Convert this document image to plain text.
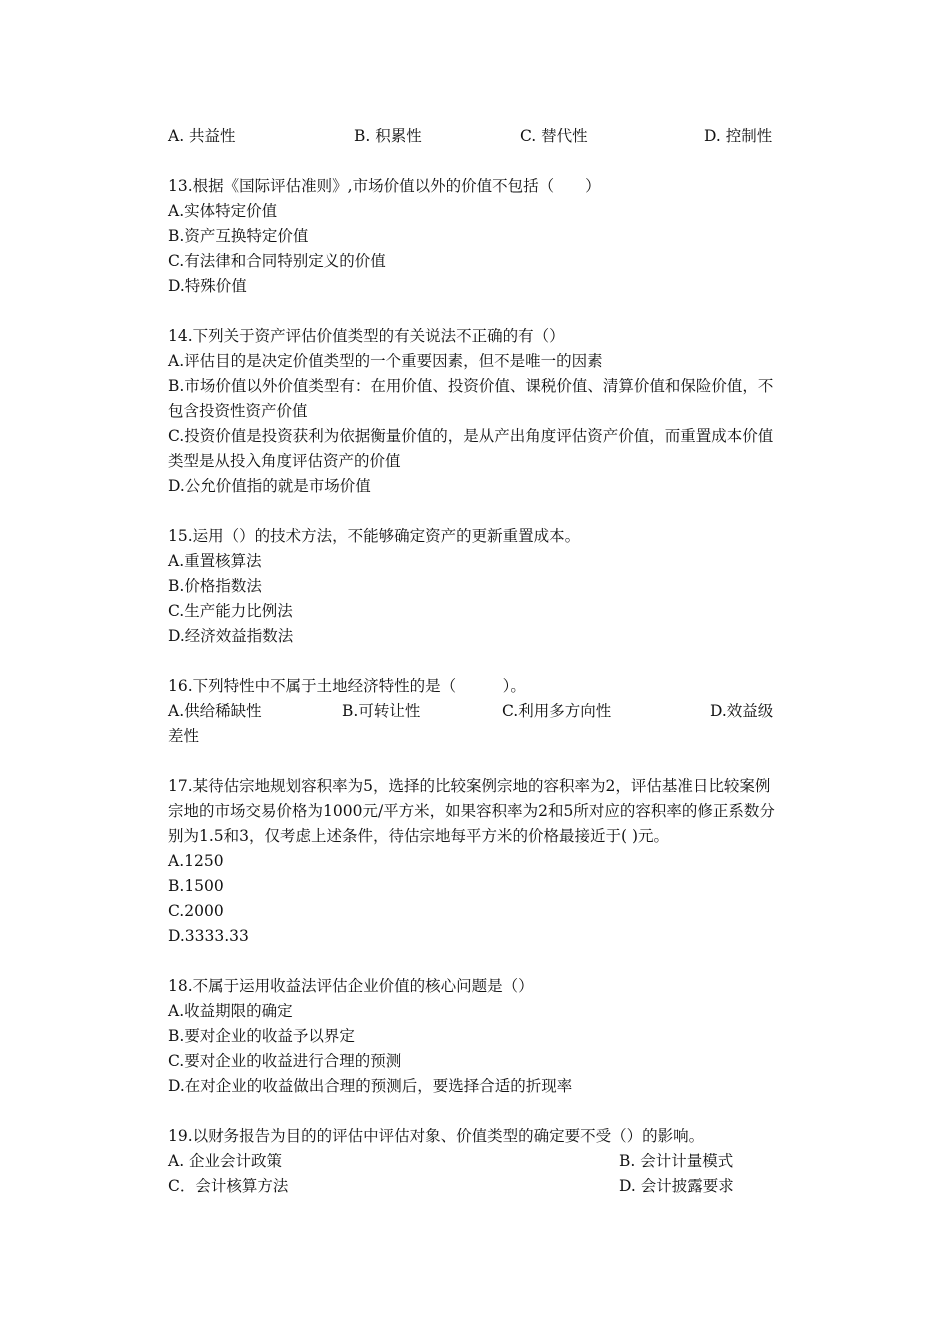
A. 共益性	B. 积累性	C. 替代性	D. 控制性
13.根据《国际评估准则》,市场价值以外的价值不包括（　　）
A.实体特定价值
B.资产互换特定价值
C.有法律和合同特别定义的价值
D.特殊价值
14.下列关于资产评估价值类型的有关说法不正确的有（）
A.评估目的是决定价值类型的一个重要因素，但不是唯一的因素
B.市场价值以外价值类型有：在用价值、投资价值、课税价值、清算价值和保险价值，不包含投资性资产价值
C.投资价值是投资获利为依据衡量价值的，是从产出角度评估资产价值，而重置成本价值类型是从投入角度评估资产的价值
D.公允价值指的就是市场价值
15.运用（）的技术方法，不能够确定资产的更新重置成本。
A.重置核算法
B.价格指数法
C.生产能力比例法
D.经济效益指数法
16.下列特性中不属于土地经济特性的是（　　　）。
A.供给稀缺性	B.可转让性	C.利用多方向性	D.效益级
差性
17.某待估宗地规划容积率为5，选择的比较案例宗地的容积率为2，评估基准日比较案例宗地的市场交易价格为1000元/平方米，如果容积率为2和5所对应的容积率的修正系数分别为1.5和3，仅考虑上述条件，待估宗地每平方米的价格最接近于( )元。
A.1250
B.1500
C.2000
D.3333.33
18.不属于运用收益法评估企业价值的核心问题是（）
A.收益期限的确定
B.要对企业的收益予以界定
C.要对企业的收益进行合理的预测
D.在对企业的收益做出合理的预测后，要选择合适的折现率
19.以财务报告为目的的评估中评估对象、价值类型的确定要不受（）的影响。
A. 企业会计政策	B. 会计计量模式
C．会计核算方法	D. 会计披露要求
